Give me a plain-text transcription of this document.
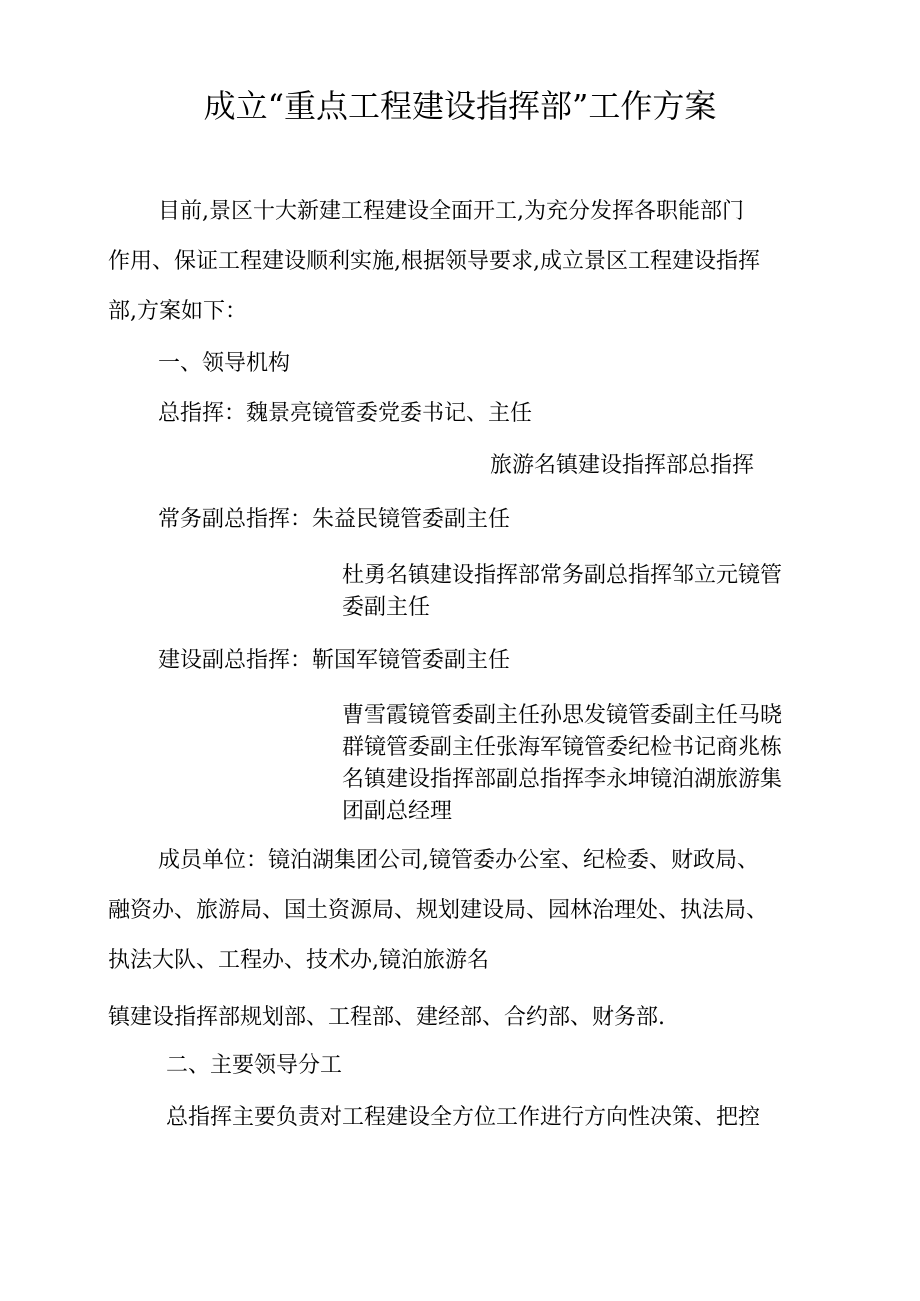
成立“重点工程建设指挥部”工作方案
目前,景区十大新建工程建设全面开工,为充分发挥各职能部门
作用、保证工程建设顺利实施,根据领导要求,成立景区工程建设指挥
部,方案如下：
一、领导机构
总指挥：魏景亮镜管委党委书记、主任
旅游名镇建设指挥部总指挥
常务副总指挥：朱益民镜管委副主任
杜勇名镇建设指挥部常务副总指挥邹立元镜管
委副主任
建设副总指挥：靳国军镜管委副主任
曹雪霞镜管委副主任孙思发镜管委副主任马晓
群镜管委副主任张海军镜管委纪检书记商兆栋
名镇建设指挥部副总指挥李永坤镜泊湖旅游集
团副总经理
成员单位：镜泊湖集团公司,镜管委办公室、纪检委、财政局、
融资办、旅游局、国土资源局、规划建设局、园林治理处、执法局、
执法大队、工程办、技术办,镜泊旅游名
镇建设指挥部规划部、工程部、建经部、合约部、财务部.
二、主要领导分工
总指挥主要负责对工程建设全方位工作进行方向性决策、把控
